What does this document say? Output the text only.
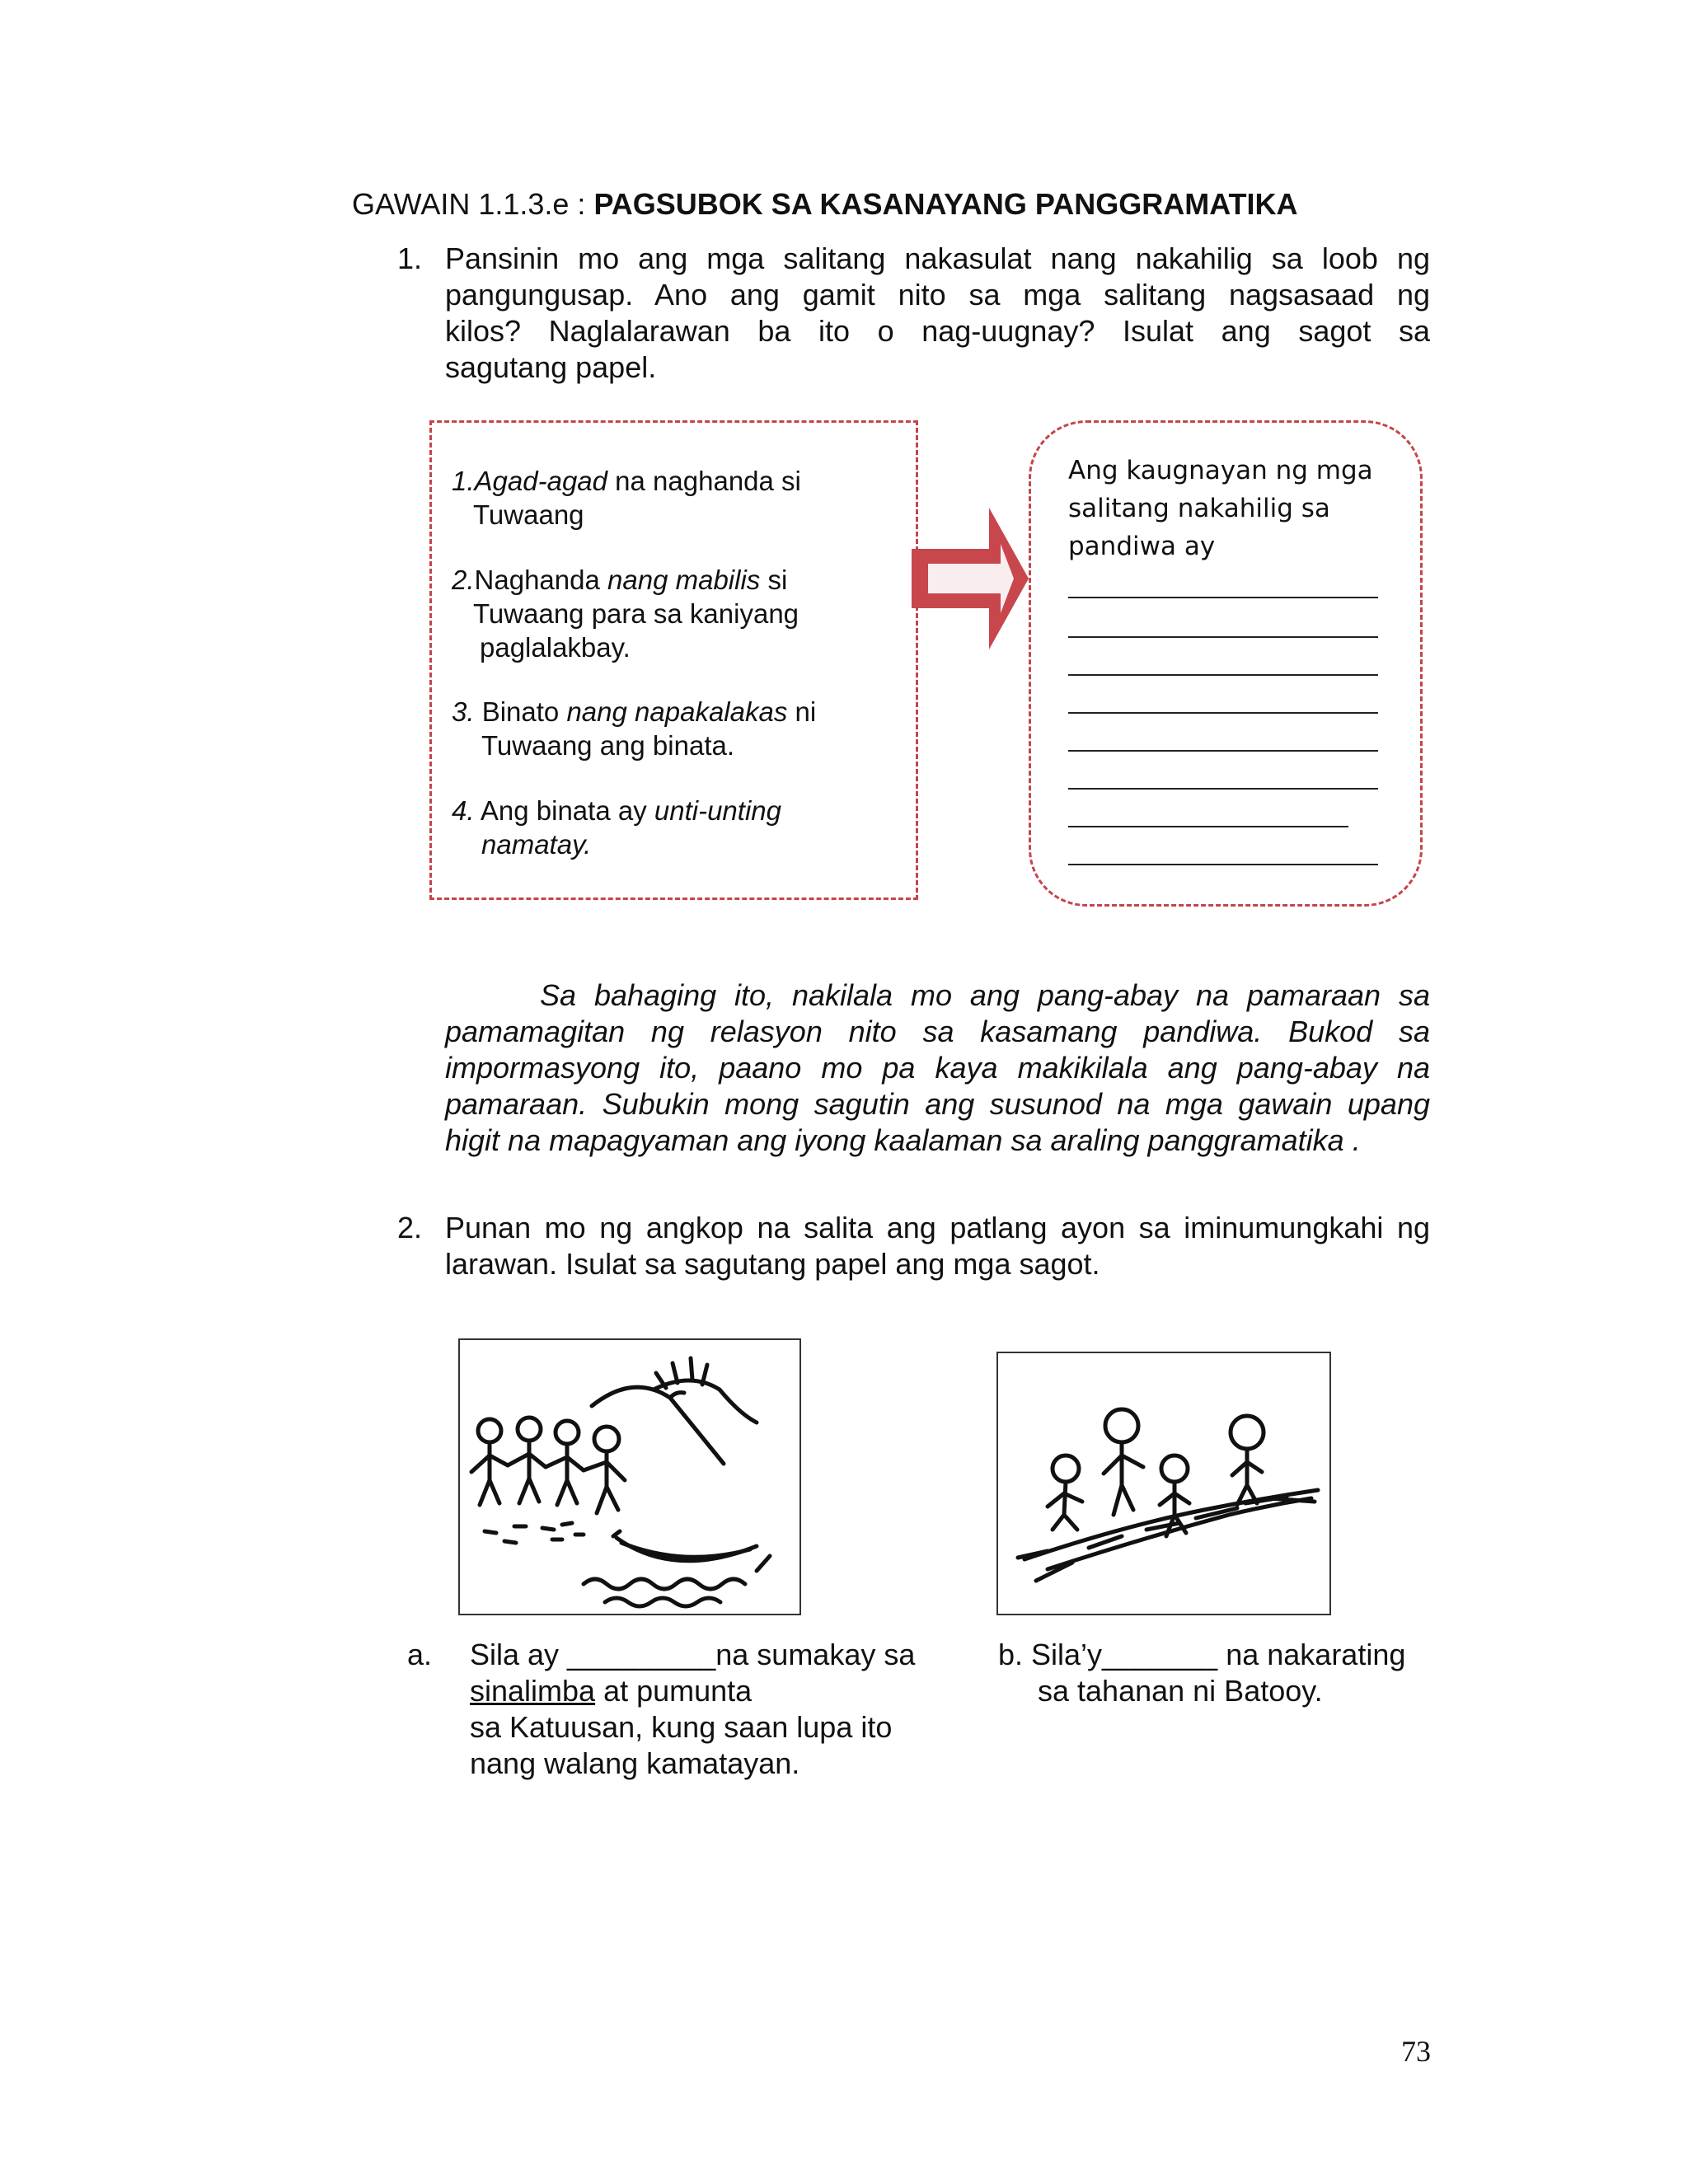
GAWAIN 1.1.3.e : PAGSUBOK SA KASANAYANG PANGGRAMATIKA
1. Pansinin mo ang mga salitang nakasulat nang nakahilig sa loob ng
pangungusap. Ano ang gamit nito sa mga salitang nagsasaad ng
kilos? Naglalarawan ba ito o nag-uugnay? Isulat ang sagot sa
sagutang papel.
1.Agad-agad na naghanda si
Tuwaang
2.Naghanda nang mabilis si
Tuwaang para sa kaniyang
paglalakbay.
3. Binato nang napakalakas ni
Tuwaang ang binata.
4. Ang binata ay unti-unting
namatay.
Ang kaugnayan ng mga
salitang nakahilig sa
pandiwa ay
Sa bahaging ito, nakilala mo ang pang-abay na pamaraan sa
pamamagitan ng relasyon nito sa kasamang pandiwa. Bukod sa
impormasyong ito, paano mo pa kaya makikilala ang pang-abay na
pamaraan. Subukin mong sagutin ang susunod na mga gawain upang
higit na mapagyaman ang iyong kaalaman sa araling panggramatika .
2. Punan mo ng angkop na salita ang patlang ayon sa iminumungkahi ng
larawan. Isulat sa sagutang papel ang mga sagot.
a. Sila ay _________na sumakay sa
sinalimba at pumunta
sa Katuusan, kung saan lupa ito
nang walang kamatayan.
b. Sila’y_______ na nakarating
sa tahanan ni Batooy.
73
